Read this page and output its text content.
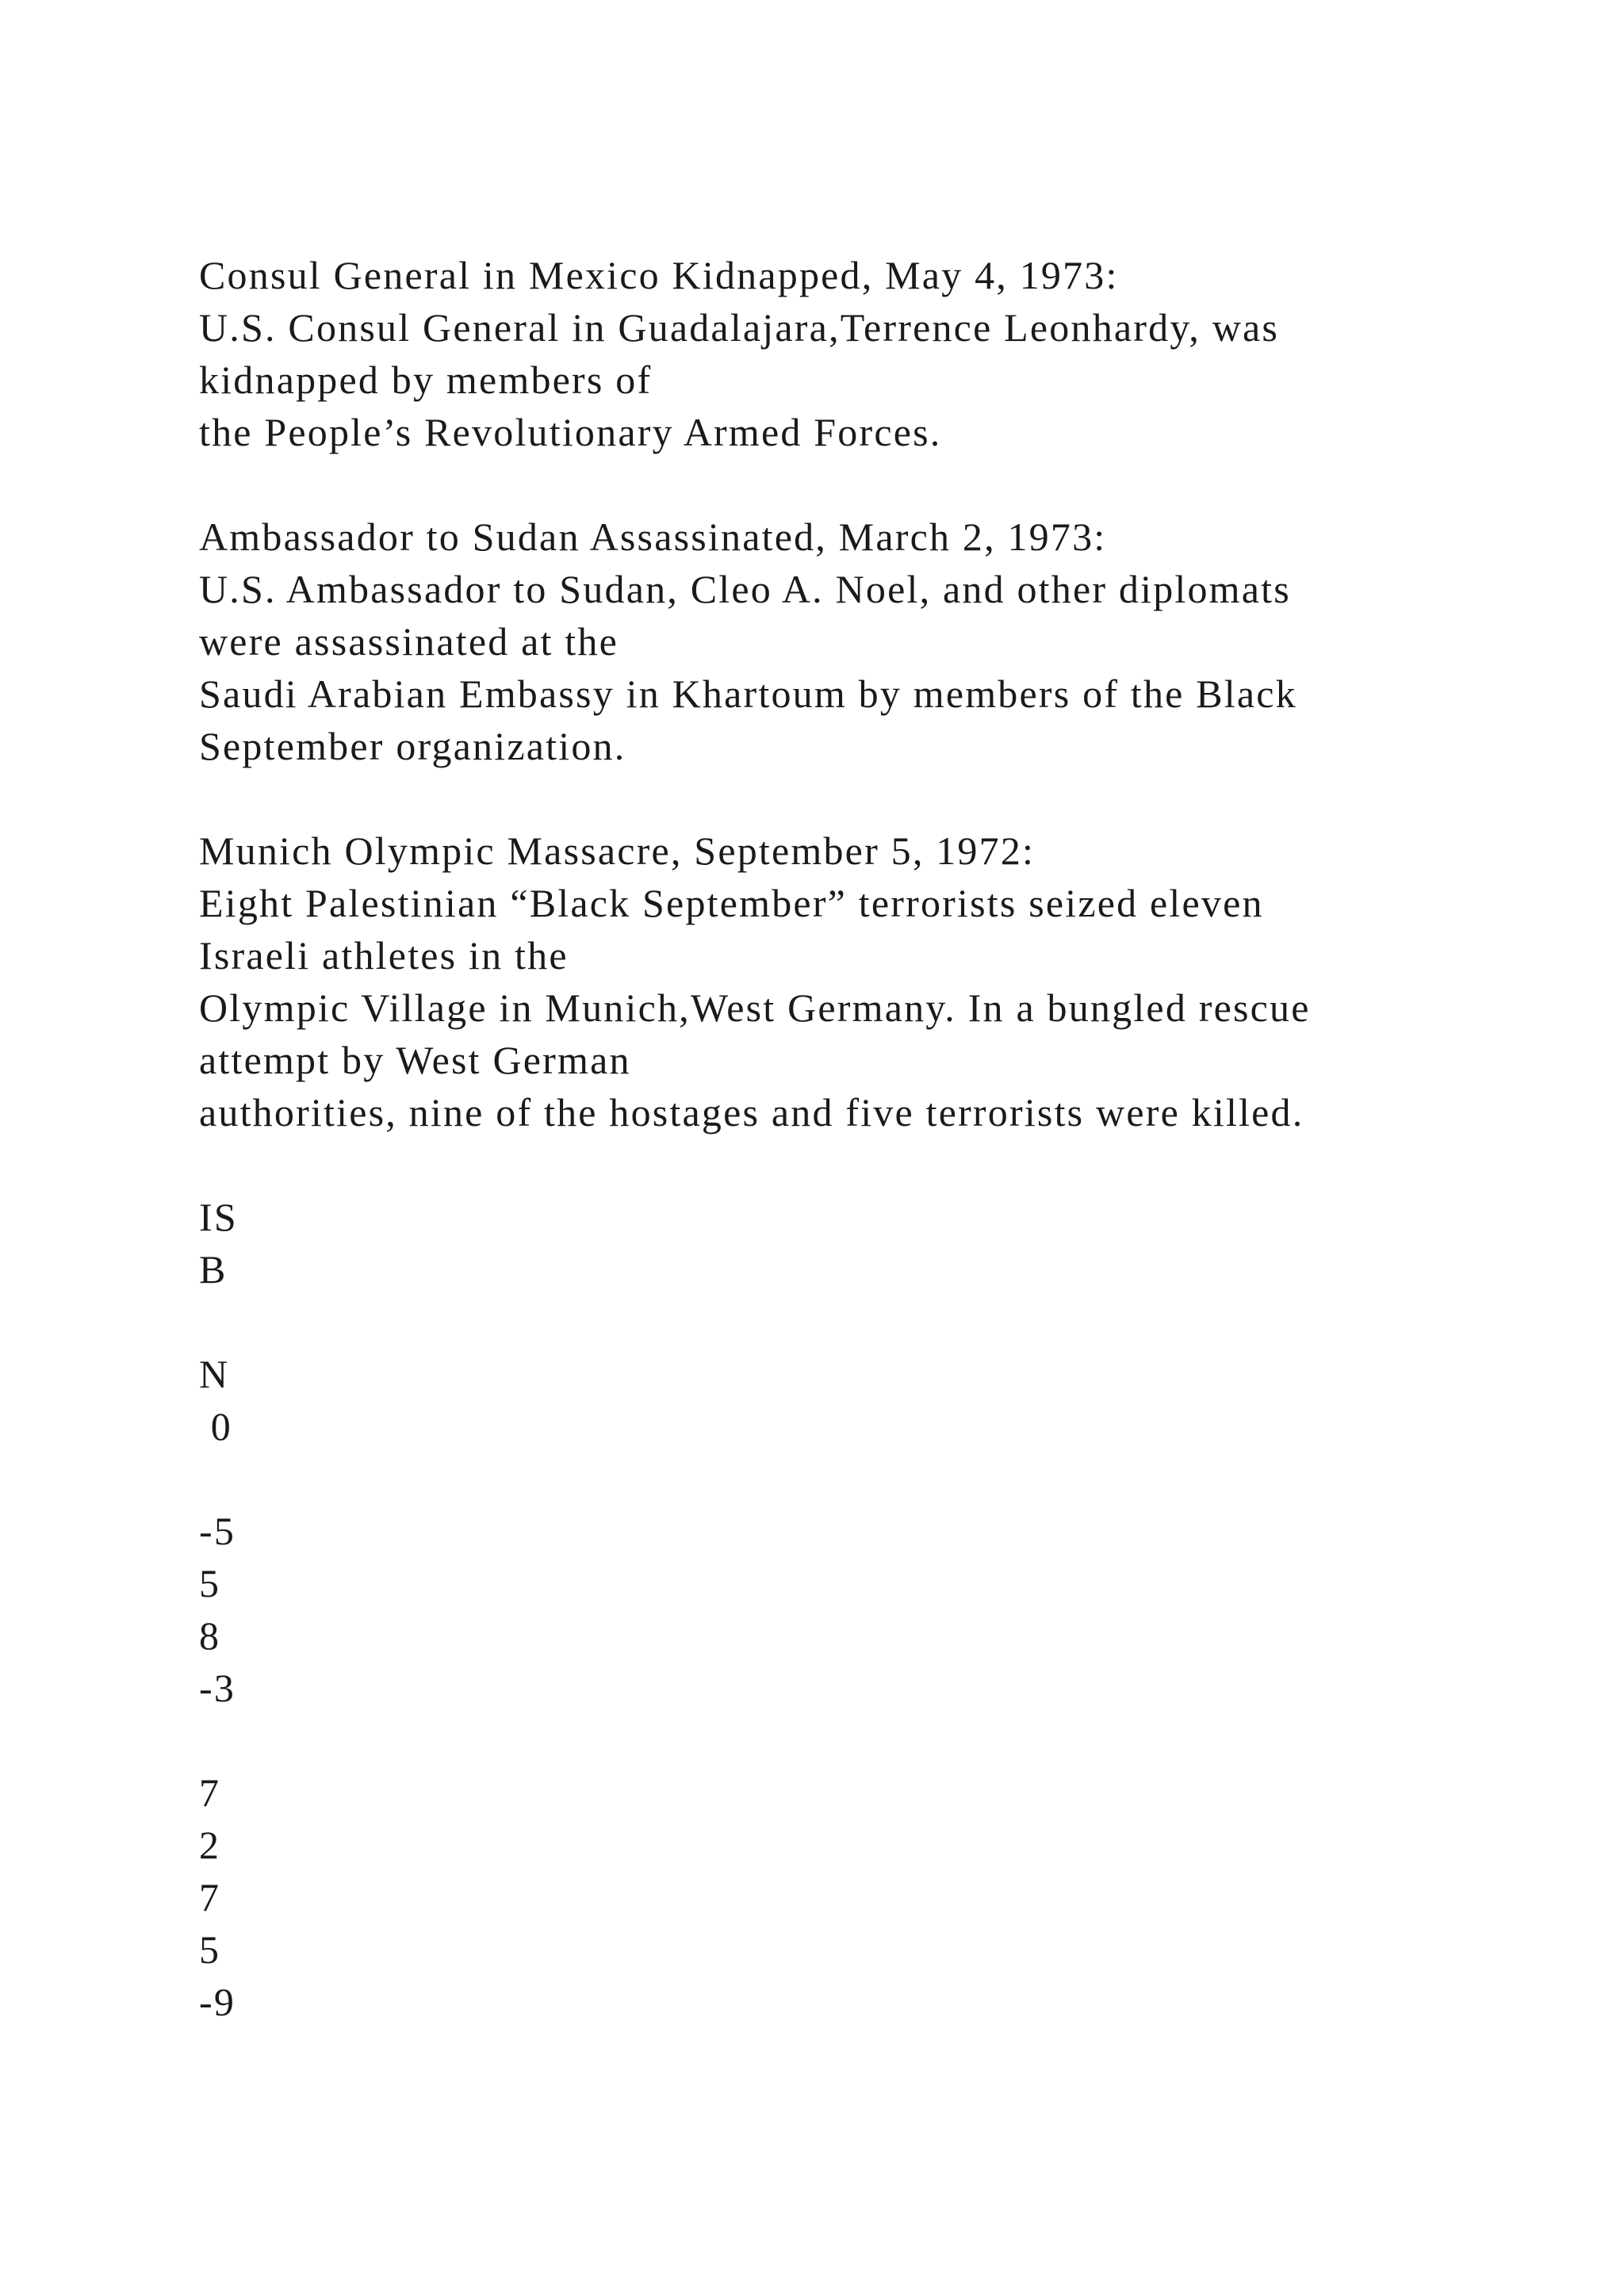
Consul General in Mexico Kidnapped, May 4, 1973:
U.S. Consul General in Guadalajara,Terrence Leonhardy, was
kidnapped by members of
the People’s Revolutionary Armed Forces.
Ambassador to Sudan Assassinated, March 2, 1973:
U.S. Ambassador to Sudan, Cleo A. Noel, and other diplomats
were assassinated at the
Saudi Arabian Embassy in Khartoum by members of the Black
September organization.
Munich Olympic Massacre, September 5, 1972:
Eight Palestinian “Black September” terrorists seized eleven
Israeli athletes in the
Olympic Village in Munich,West Germany. In a bungled rescue
attempt by West German
authorities, nine of the hostages and five terrorists were killed.
IS
B
N
0
-5
5
8
-3
7
2
7
5
-9
